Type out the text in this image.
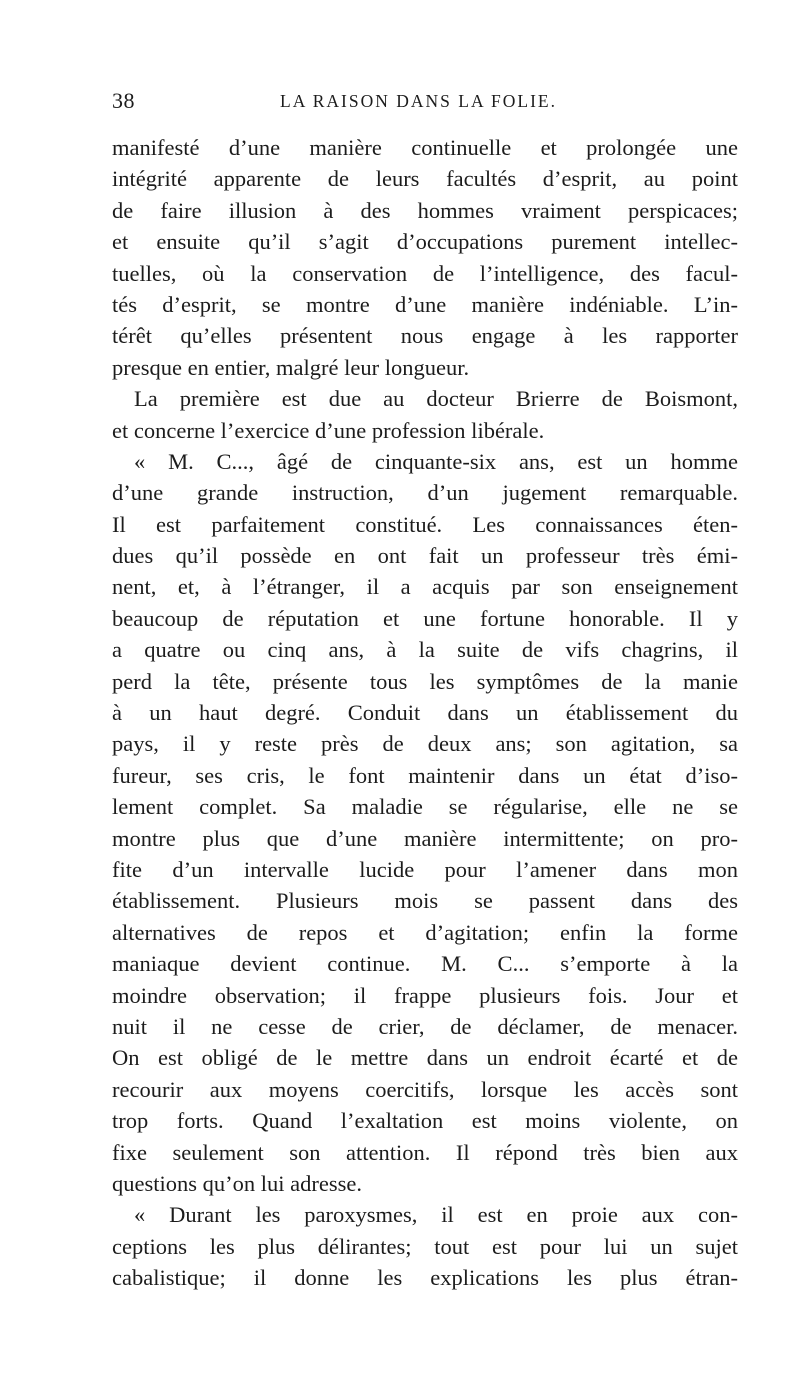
38	LA RAISON DANS LA FOLIE.
manifesté d’une manière continuelle et prolongée une
intégrité apparente de leurs facultés d’esprit, au point
de faire illusion à des hommes vraiment perspicaces;
et ensuite qu’il s’agit d’occupations purement intellec-
tuelles, où la conservation de l’intelligence, des facul-
tés d’esprit, se montre d’une manière indéniable. L’in-
térêt qu’elles présentent nous engage à les rapporter
presque en entier, malgré leur longueur.
La première est due au docteur Brierre de Boismont,
et concerne l’exercice d’une profession libérale.
« M. C..., âgé de cinquante-six ans, est un homme
d’une grande instruction, d’un jugement remarquable.
Il est parfaitement constitué. Les connaissances éten-
dues qu’il possède en ont fait un professeur très émi-
nent, et, à l’étranger, il a acquis par son enseignement
beaucoup de réputation et une fortune honorable. Il y
a quatre ou cinq ans, à la suite de vifs chagrins, il
perd la tête, présente tous les symptômes de la manie
à un haut degré. Conduit dans un établissement du
pays, il y reste près de deux ans; son agitation, sa
fureur, ses cris, le font maintenir dans un état d’iso-
lement complet. Sa maladie se régularise, elle ne se
montre plus que d’une manière intermittente; on pro-
fite d’un intervalle lucide pour l’amener dans mon
établissement. Plusieurs mois se passent dans des
alternatives de repos et d’agitation; enfin la forme
maniaque devient continue. M. C... s’emporte à la
moindre observation; il frappe plusieurs fois. Jour et
nuit il ne cesse de crier, de déclamer, de menacer.
On est obligé de le mettre dans un endroit écarté et de
recourir aux moyens coercitifs, lorsque les accès sont
trop forts. Quand l’exaltation est moins violente, on
fixe seulement son attention. Il répond très bien aux
questions qu’on lui adresse.
« Durant les paroxysmes, il est en proie aux con-
ceptions les plus délirantes; tout est pour lui un sujet
cabalistique; il donne les explications les plus étran-
